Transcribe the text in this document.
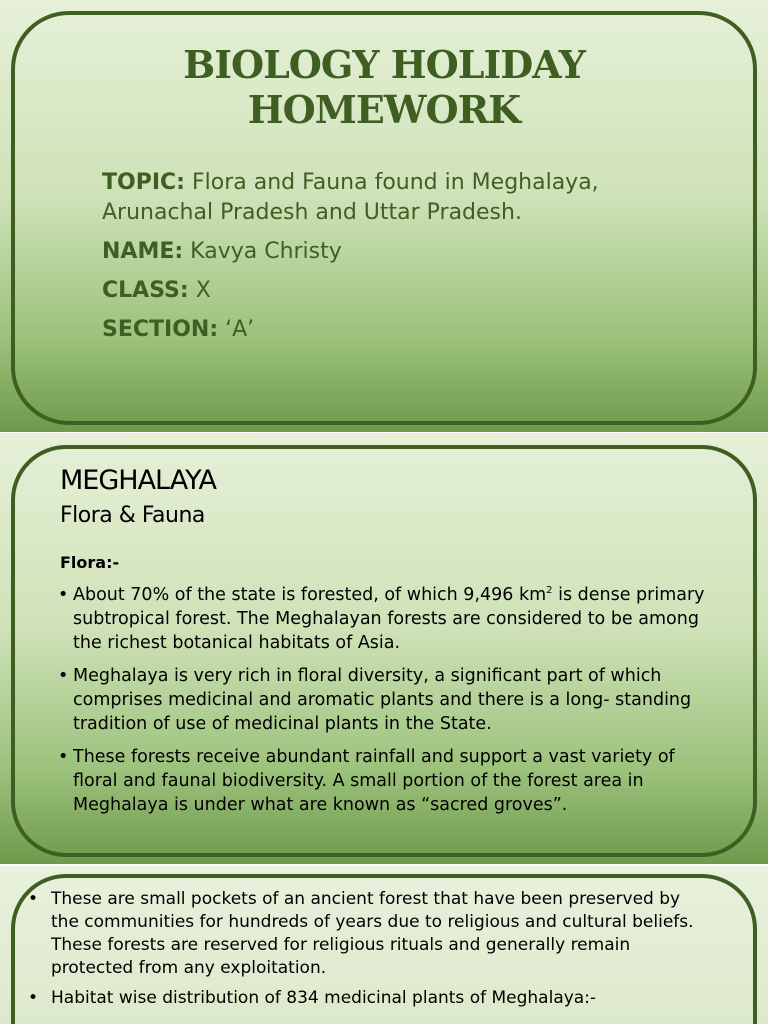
BIOLOGY HOLIDAY
HOMEWORK
TOPIC: Flora and Fauna found in Meghalaya, Arunachal Pradesh and Uttar Pradesh.
NAME: Kavya Christy
CLASS: X
SECTION: ‘A’
MEGHALAYA
Flora & Fauna
Flora:-
• About 70% of the state is forested, of which 9,496 $km^2$ is dense primary subtropical forest. The Meghalayan forests are considered to be among the richest botanical habitats of Asia.
• Meghalaya is very rich in floral diversity, a significant part of which comprises medicinal and aromatic plants and there is a long- standing tradition of use of medicinal plants in the State.
• These forests receive abundant rainfall and support a vast variety of floral and faunal biodiversity. A small portion of the forest area in Meghalaya is under what are known as “sacred groves”.
• These are small pockets of an ancient forest that have been preserved by the communities for hundreds of years due to religious and cultural beliefs. These forests are reserved for religious rituals and generally remain protected from any exploitation.
• Habitat wise distribution of 834 medicinal plants of Meghalaya:-
